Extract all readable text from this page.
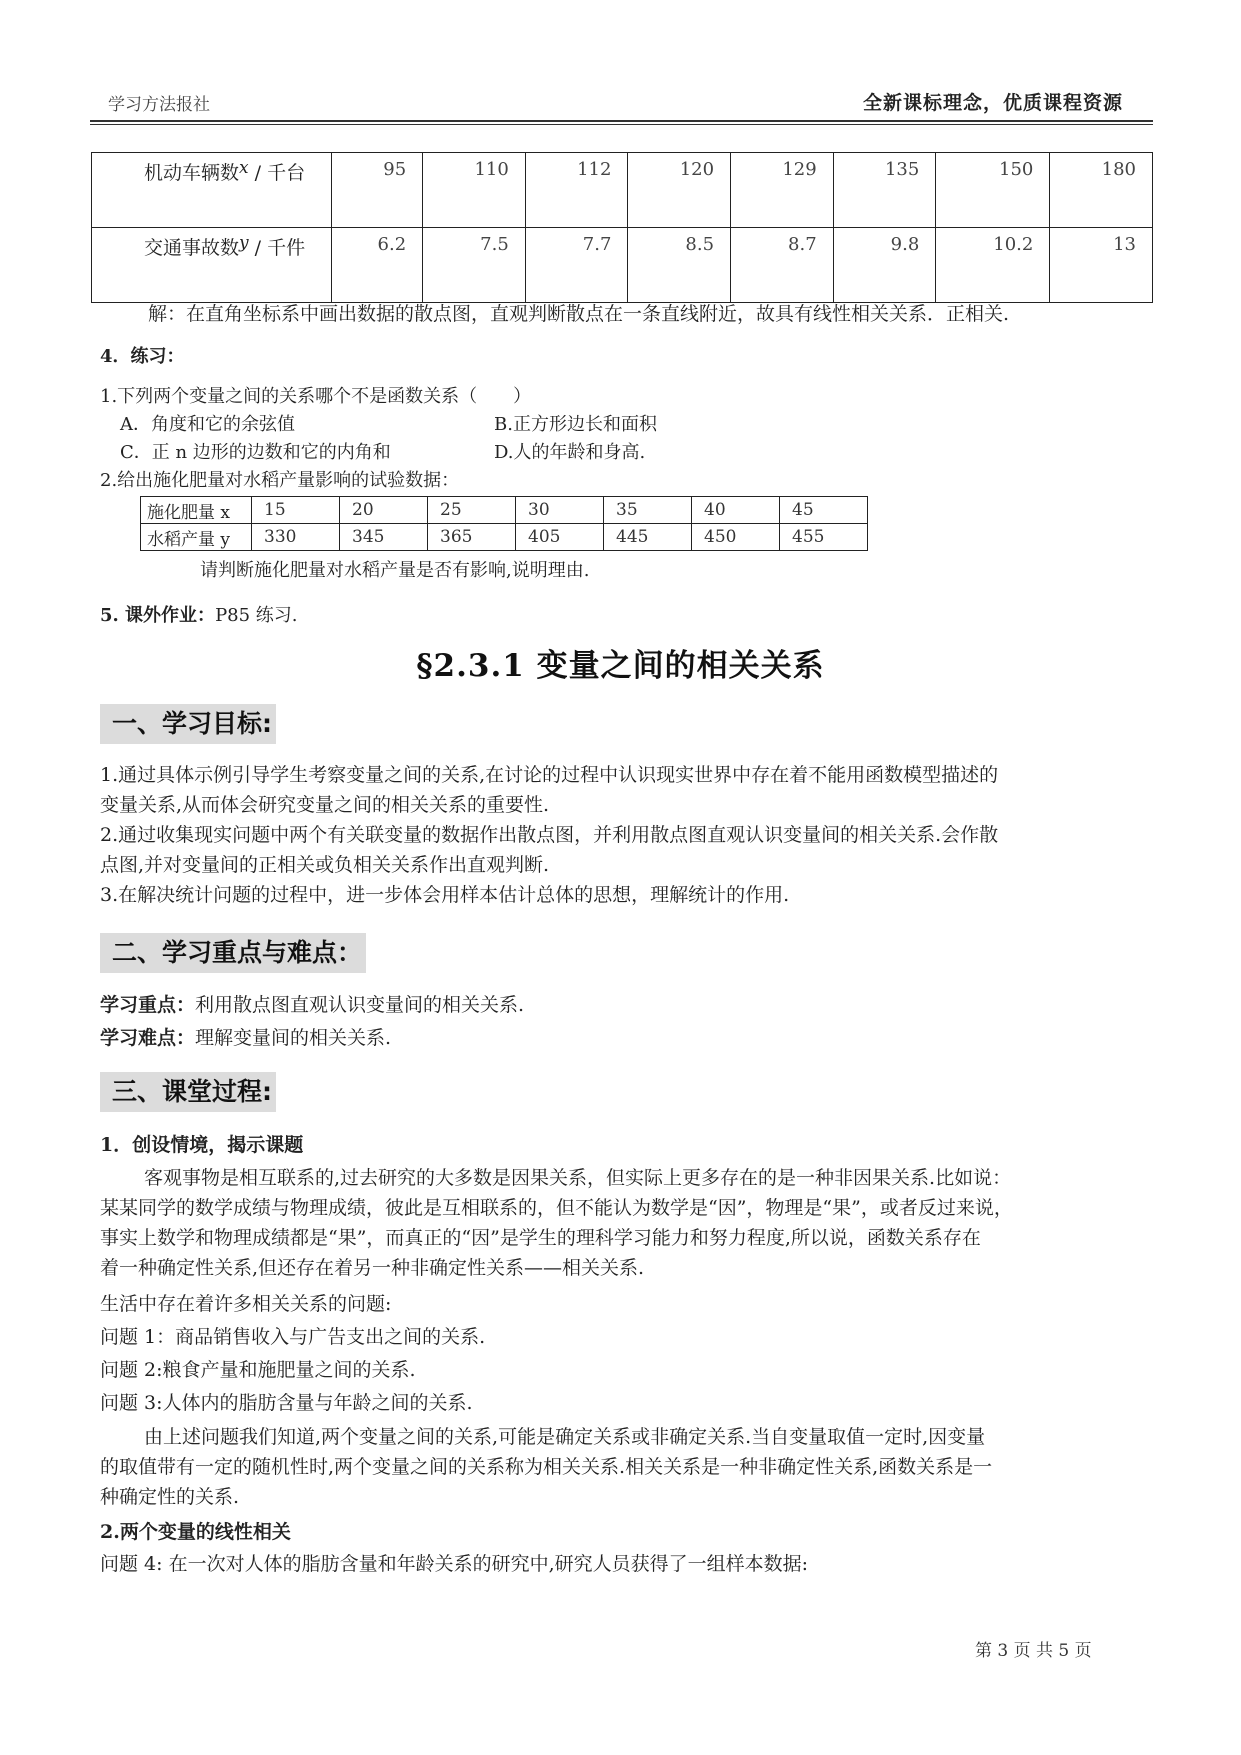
学习方法报社	全新课标理念，优质课程资源
机动车辆数x / 千台	95	110	112	120	129	135	150	180
交通事故数y / 千件	6.2	7.5	7.7	8.5	8.7	9.8	10.2	13
解：在直角坐标系中画出数据的散点图，直观判断散点在一条直线附近，故具有线性相关关系．正相关.
4．练习：
1.下列两个变量之间的关系哪个不是函数关系（　　）
A．角度和它的余弦值	B.正方形边长和面积
C．正 n 边形的边数和它的内角和	D.人的年龄和身高.
2.给出施化肥量对水稻产量影响的试验数据：
施化肥量 x	15	20	25	30	35	40	45
水稻产量 y	330	345	365	405	445	450	455
请判断施化肥量对水稻产量是否有影响,说明理由.
5. 课外作业：P85 练习.
§2.3.1 变量之间的相关关系
一、学习目标:
1.通过具体示例引导学生考察变量之间的关系,在讨论的过程中认识现实世界中存在着不能用函数模型描述的
变量关系,从而体会研究变量之间的相关关系的重要性.
2.通过收集现实问题中两个有关联变量的数据作出散点图，并利用散点图直观认识变量间的相关关系.会作散
点图,并对变量间的正相关或负相关关系作出直观判断.
3.在解决统计问题的过程中，进一步体会用样本估计总体的思想，理解统计的作用.
二、学习重点与难点：
学习重点：利用散点图直观认识变量间的相关关系.
学习难点：理解变量间的相关关系.
三、课堂过程:
1．创设情境，揭示课题
客观事物是相互联系的,过去研究的大多数是因果关系，但实际上更多存在的是一种非因果关系.比如说：
某某同学的数学成绩与物理成绩，彼此是互相联系的，但不能认为数学是“因”，物理是“果”，或者反过来说，
事实上数学和物理成绩都是“果”，而真正的“因”是学生的理科学习能力和努力程度,所以说，函数关系存在
着一种确定性关系,但还存在着另一种非确定性关系——相关关系.
生活中存在着许多相关关系的问题:
问题 1：商品销售收入与广告支出之间的关系.
问题 2:粮食产量和施肥量之间的关系.
问题 3:人体内的脂肪含量与年龄之间的关系.
由上述问题我们知道,两个变量之间的关系,可能是确定关系或非确定关系.当自变量取值一定时,因变量
的取值带有一定的随机性时,两个变量之间的关系称为相关关系.相关关系是一种非确定性关系,函数关系是一
种确定性的关系.
2.两个变量的线性相关
问题 4: 在一次对人体的脂肪含量和年龄关系的研究中,研究人员获得了一组样本数据:
第 3 页 共 5 页
